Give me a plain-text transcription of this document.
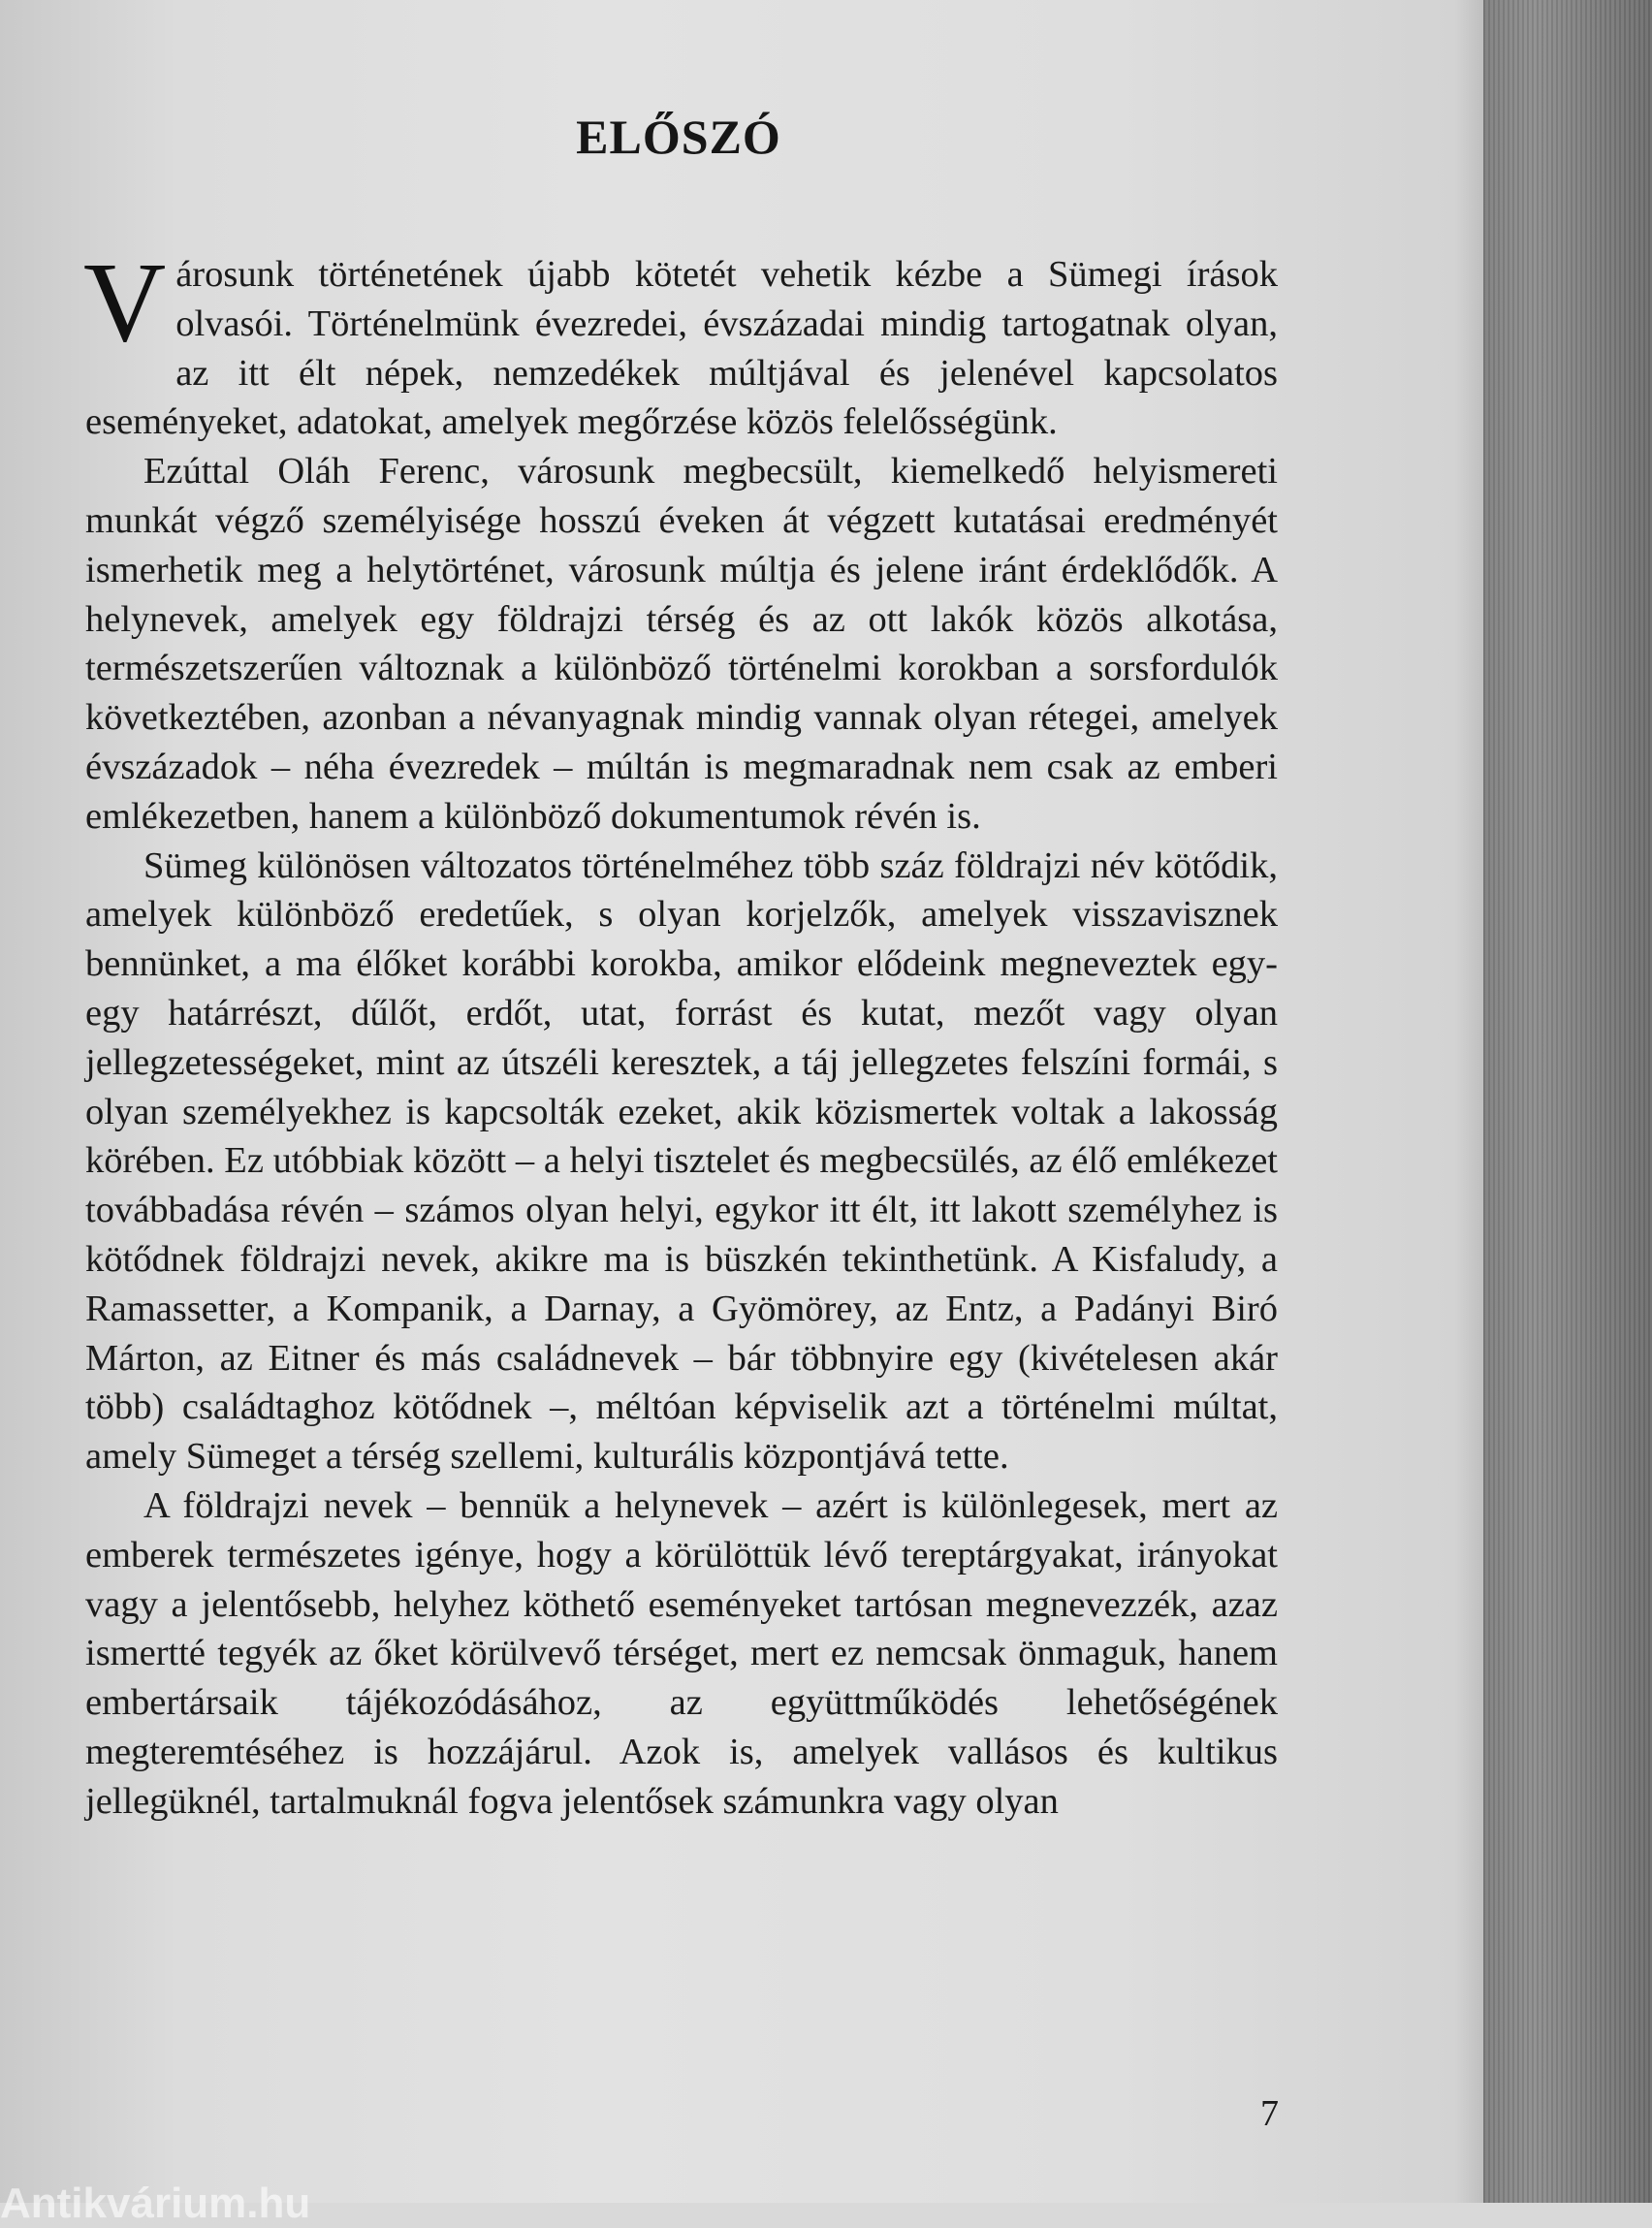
ELŐSZÓ

Városunk történetének újabb kötetét vehetik kézbe a Sümegi írások olvasói. Történelmünk évezredei, évszázadai mindig tartogatnak olyan, az itt élt népek, nemzedékek múltjával és jelenével kapcsolatos eseményeket, adatokat, amelyek megőrzése közös felelősségünk.

Ezúttal Oláh Ferenc, városunk megbecsült, kiemelkedő helyismereti munkát végző személyisége hosszú éveken át végzett kutatásai eredményét ismerhetik meg a helytörténet, városunk múltja és jelene iránt érdeklődők. A helynevek, amelyek egy földrajzi térség és az ott lakók közös alkotása, természetszerűen változnak a különböző történelmi korokban a sorsfordulók következtében, azonban a névanyagnak mindig vannak olyan rétegei, amelyek évszázadok – néha évezredek – múltán is megmaradnak nem csak az emberi emlékezetben, hanem a különböző dokumentumok révén is.

Sümeg különösen változatos történelméhez több száz földrajzi név kötődik, amelyek különböző eredetűek, s olyan korjelzők, amelyek visszavisznek bennünket, a ma élőket korábbi korokba, amikor elődeink megneveztek egy-egy határrészt, dűlőt, erdőt, utat, forrást és kutat, mezőt vagy olyan jellegzetességeket, mint az útszéli keresztek, a táj jellegzetes felszíni formái, s olyan személyekhez is kapcsolták ezeket, akik közismertek voltak a lakosság körében. Ez utóbbiak között – a helyi tisztelet és megbecsülés, az élő emlékezet továbbadása révén – számos olyan helyi, egykor itt élt, itt lakott személyhez is kötődnek földrajzi nevek, akikre ma is büszkén tekinthetünk. A Kisfaludy, a Ramassetter, a Kompanik, a Darnay, a Gyömörey, az Entz, a Padányi Biró Márton, az Eitner és más családnevek – bár többnyire egy (kivételesen akár több) családtaghoz kötődnek –, méltóan képviselik azt a történelmi múltat, amely Sümeget a térség szellemi, kulturális központjává tette.

A földrajzi nevek – bennük a helynevek – azért is különlegesek, mert az emberek természetes igénye, hogy a körülöttük lévő tereptárgyakat, irányokat vagy a jelentősebb, helyhez köthető eseményeket tartósan megnevezzék, azaz ismertté tegyék az őket körülvevő térséget, mert ez nemcsak önmaguk, hanem embertársaik tájékozódásához, az együttműködés lehetőségének megteremtéséhez is hozzájárul. Azok is, amelyek vallásos és kultikus jellegüknél, tartalmuknál fogva jelentősek számunkra vagy olyan

7
Antikvárium.hu
